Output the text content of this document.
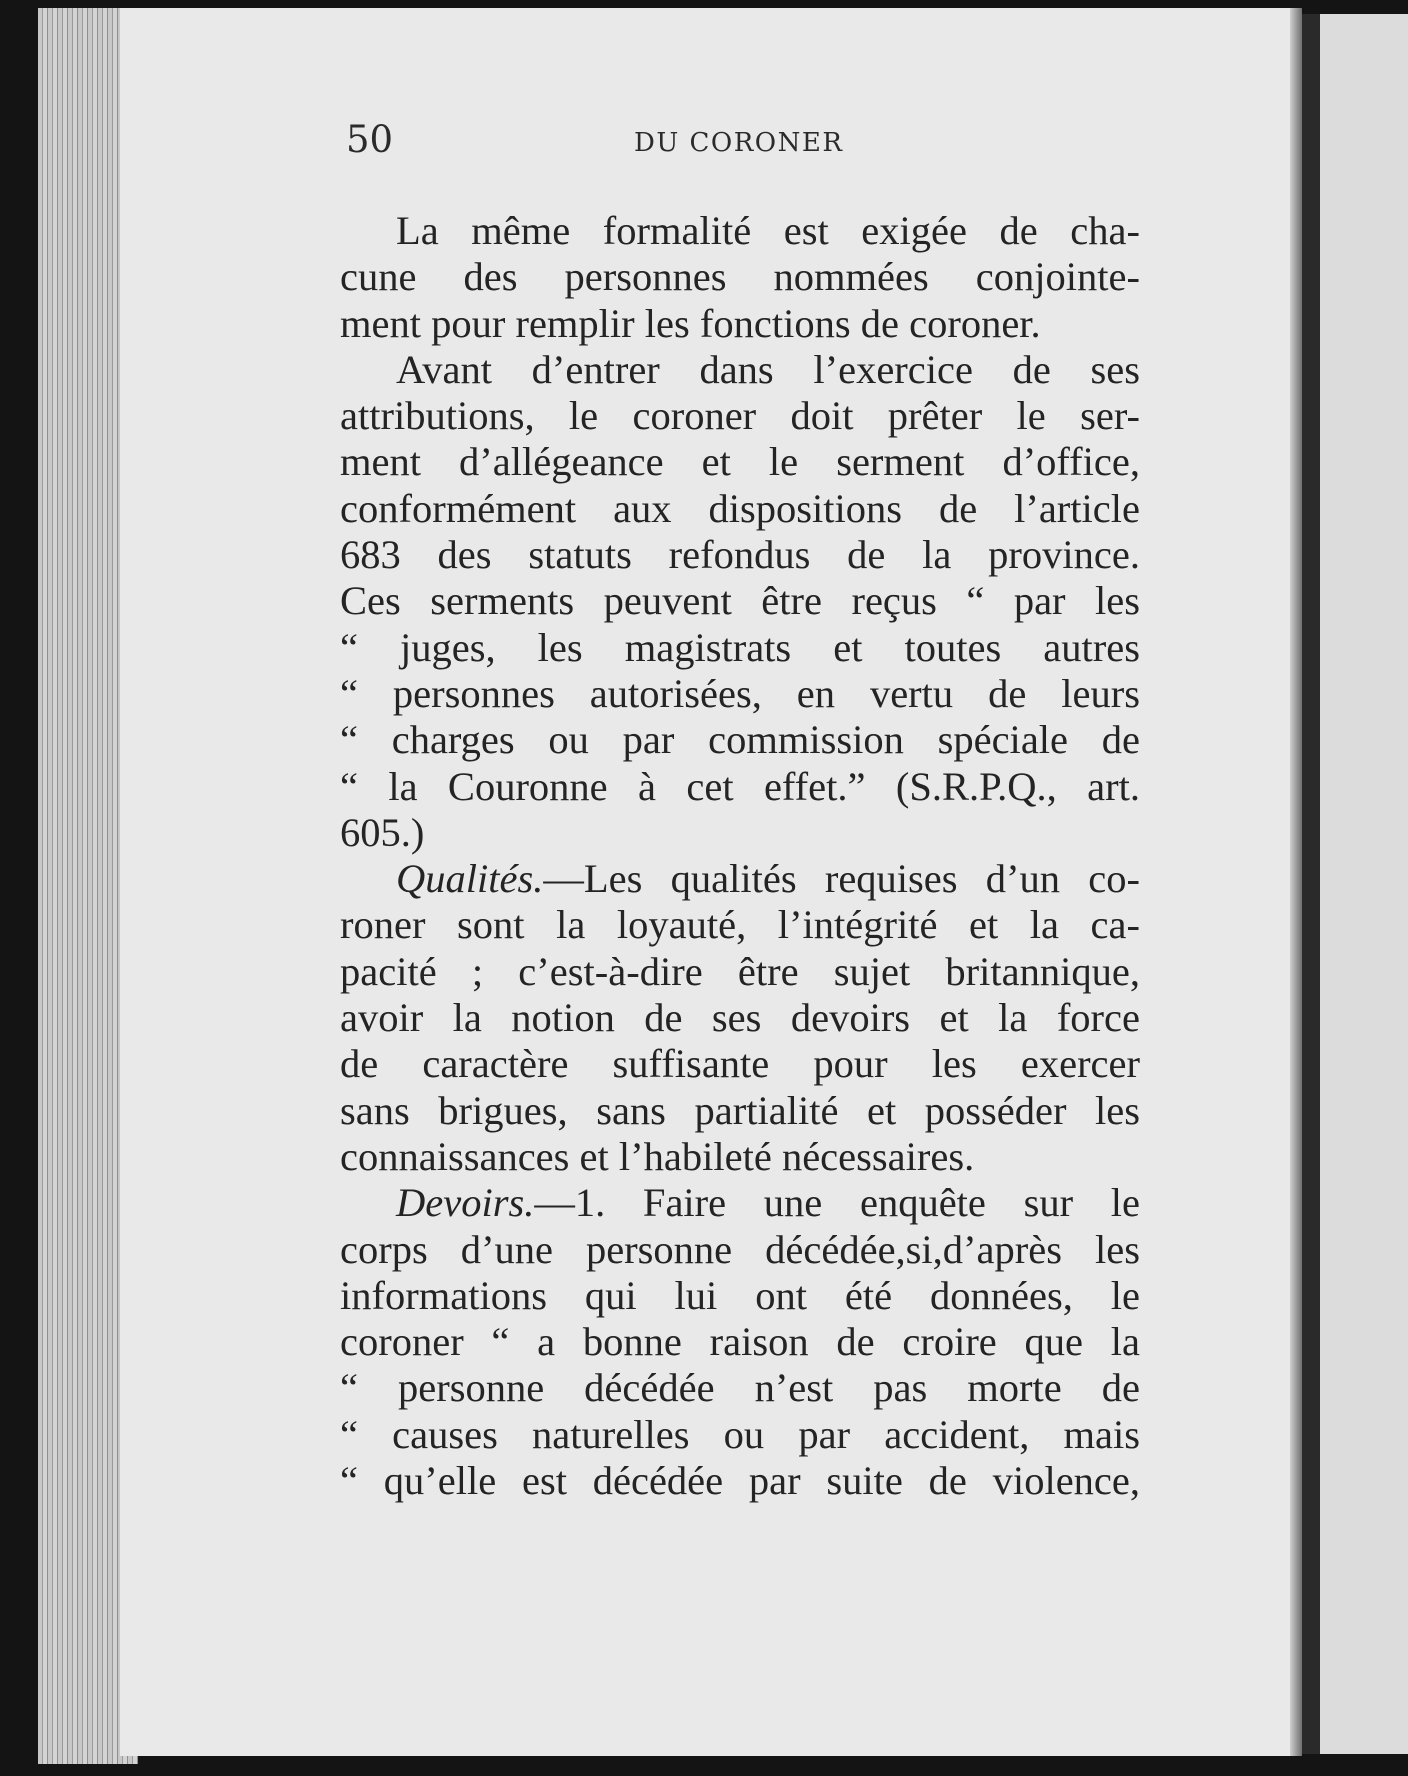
50	DU CORONER
La même formalité est exigée de cha-
cune des personnes nommées conjointe-
ment pour remplir les fonctions de coroner.
Avant d’entrer dans l’exercice de ses
attributions, le coroner doit prêter le ser-
ment d’allégeance et le serment d’office,
conformément aux dispositions de l’article
683 des statuts refondus de la province.
Ces serments peuvent être reçus “ par les
“ juges, les magistrats et toutes autres
“ personnes autorisées, en vertu de leurs
“ charges ou par commission spéciale de
“ la Couronne à cet effet.” (S.R.P.Q., art.
605.)
Qualités.—Les qualités requises d’un co-
roner sont la loyauté, l’intégrité et la ca-
pacité ; c’est-à-dire être sujet britannique,
avoir la notion de ses devoirs et la force
de caractère suffisante pour les exercer
sans brigues, sans partialité et posséder les
connaissances et l’habileté nécessaires.
Devoirs.—1. Faire une enquête sur le
corps d’une personne décédée,si,d’après les
informations qui lui ont été données, le
coroner “ a bonne raison de croire que la
“ personne décédée n’est pas morte de
“ causes naturelles ou par accident, mais
“ qu’elle est décédée par suite de violence,
